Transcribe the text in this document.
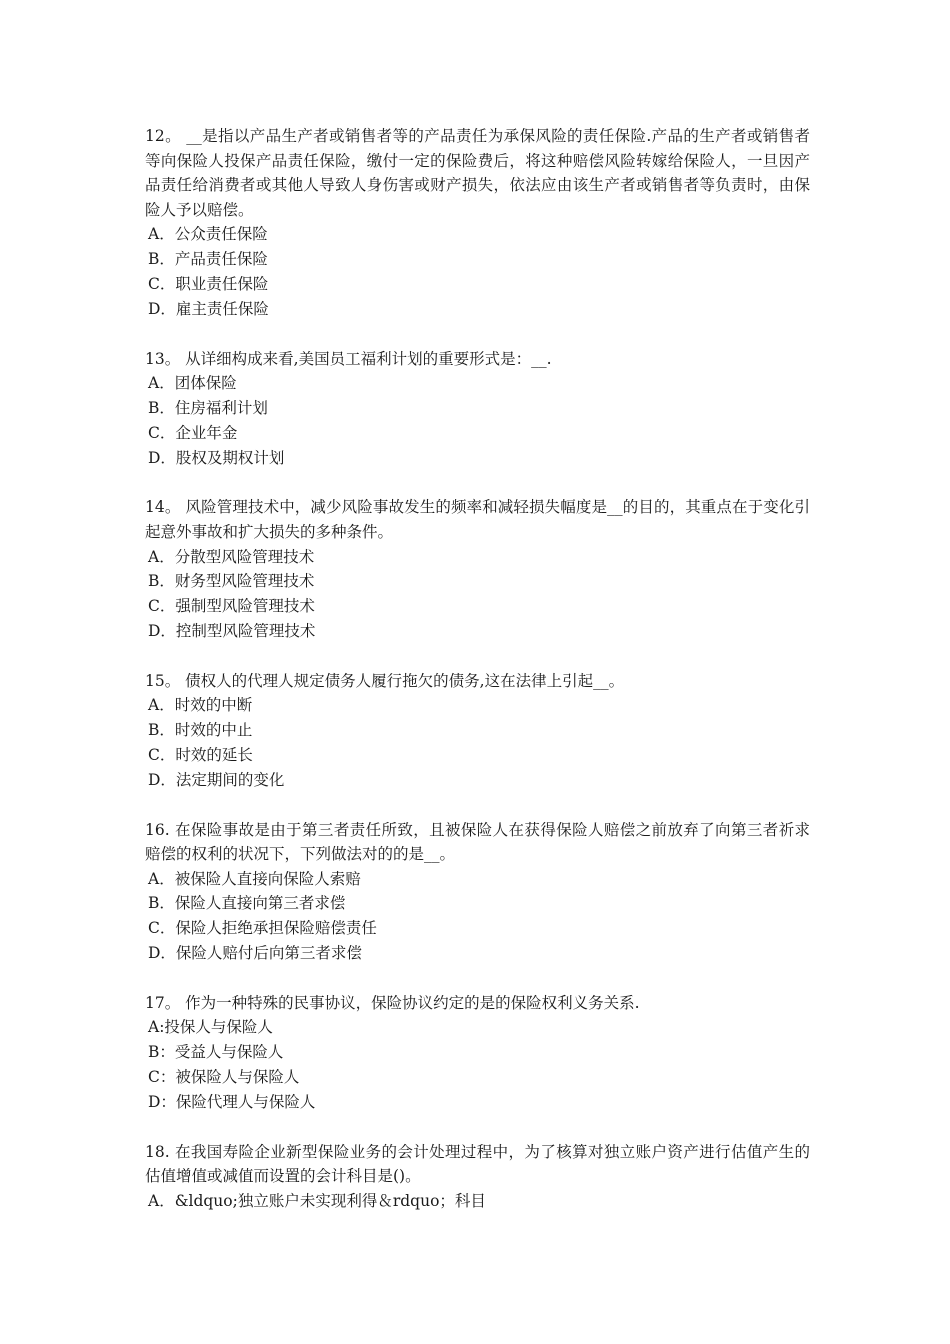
12。 __是指以产品生产者或销售者等的产品责任为承保风险的责任保险.产品的生产者或销售者等向保险人投保产品责任保险，缴付一定的保险费后，将这种赔偿风险转嫁给保险人，一旦因产品责任给消费者或其他人导致人身伤害或财产损失，依法应由该生产者或销售者等负责时，由保险人予以赔偿。

A．公众责任保险

B．产品责任保险

C．职业责任保险

D．雇主责任保险

13。 从详细构成来看,美国员工福利计划的重要形式是：__.

A．团体保险

B．住房福利计划

C．企业年金

D．股权及期权计划

14。 风险管理技术中，减少风险事故发生的频率和减轻损失幅度是__的目的，其重点在于变化引起意外事故和扩大损失的多种条件。

A．分散型风险管理技术

B．财务型风险管理技术

C．强制型风险管理技术

D．控制型风险管理技术

15。 债权人的代理人规定债务人履行拖欠的债务,这在法律上引起__。

A．时效的中断

B．时效的中止

C．时效的延长

D．法定期间的变化

16. 在保险事故是由于第三者责任所致，且被保险人在获得保险人赔偿之前放弃了向第三者祈求赔偿的权利的状况下，下列做法对的的是__。

A．被保险人直接向保险人索赔

B．保险人直接向第三者求偿

C．保险人拒绝承担保险赔偿责任

D．保险人赔付后向第三者求偿

17。 作为一种特殊的民事协议，保险协议约定的是的保险权利义务关系.

A:投保人与保险人

B：受益人与保险人

C：被保险人与保险人

D：保险代理人与保险人

18. 在我国寿险企业新型保险业务的会计处理过程中，为了核算对独立账户资产进行估值产生的估值增值或减值而设置的会计科目是()。

A．&ldquo;独立账户未实现利得＆rdquo；科目
